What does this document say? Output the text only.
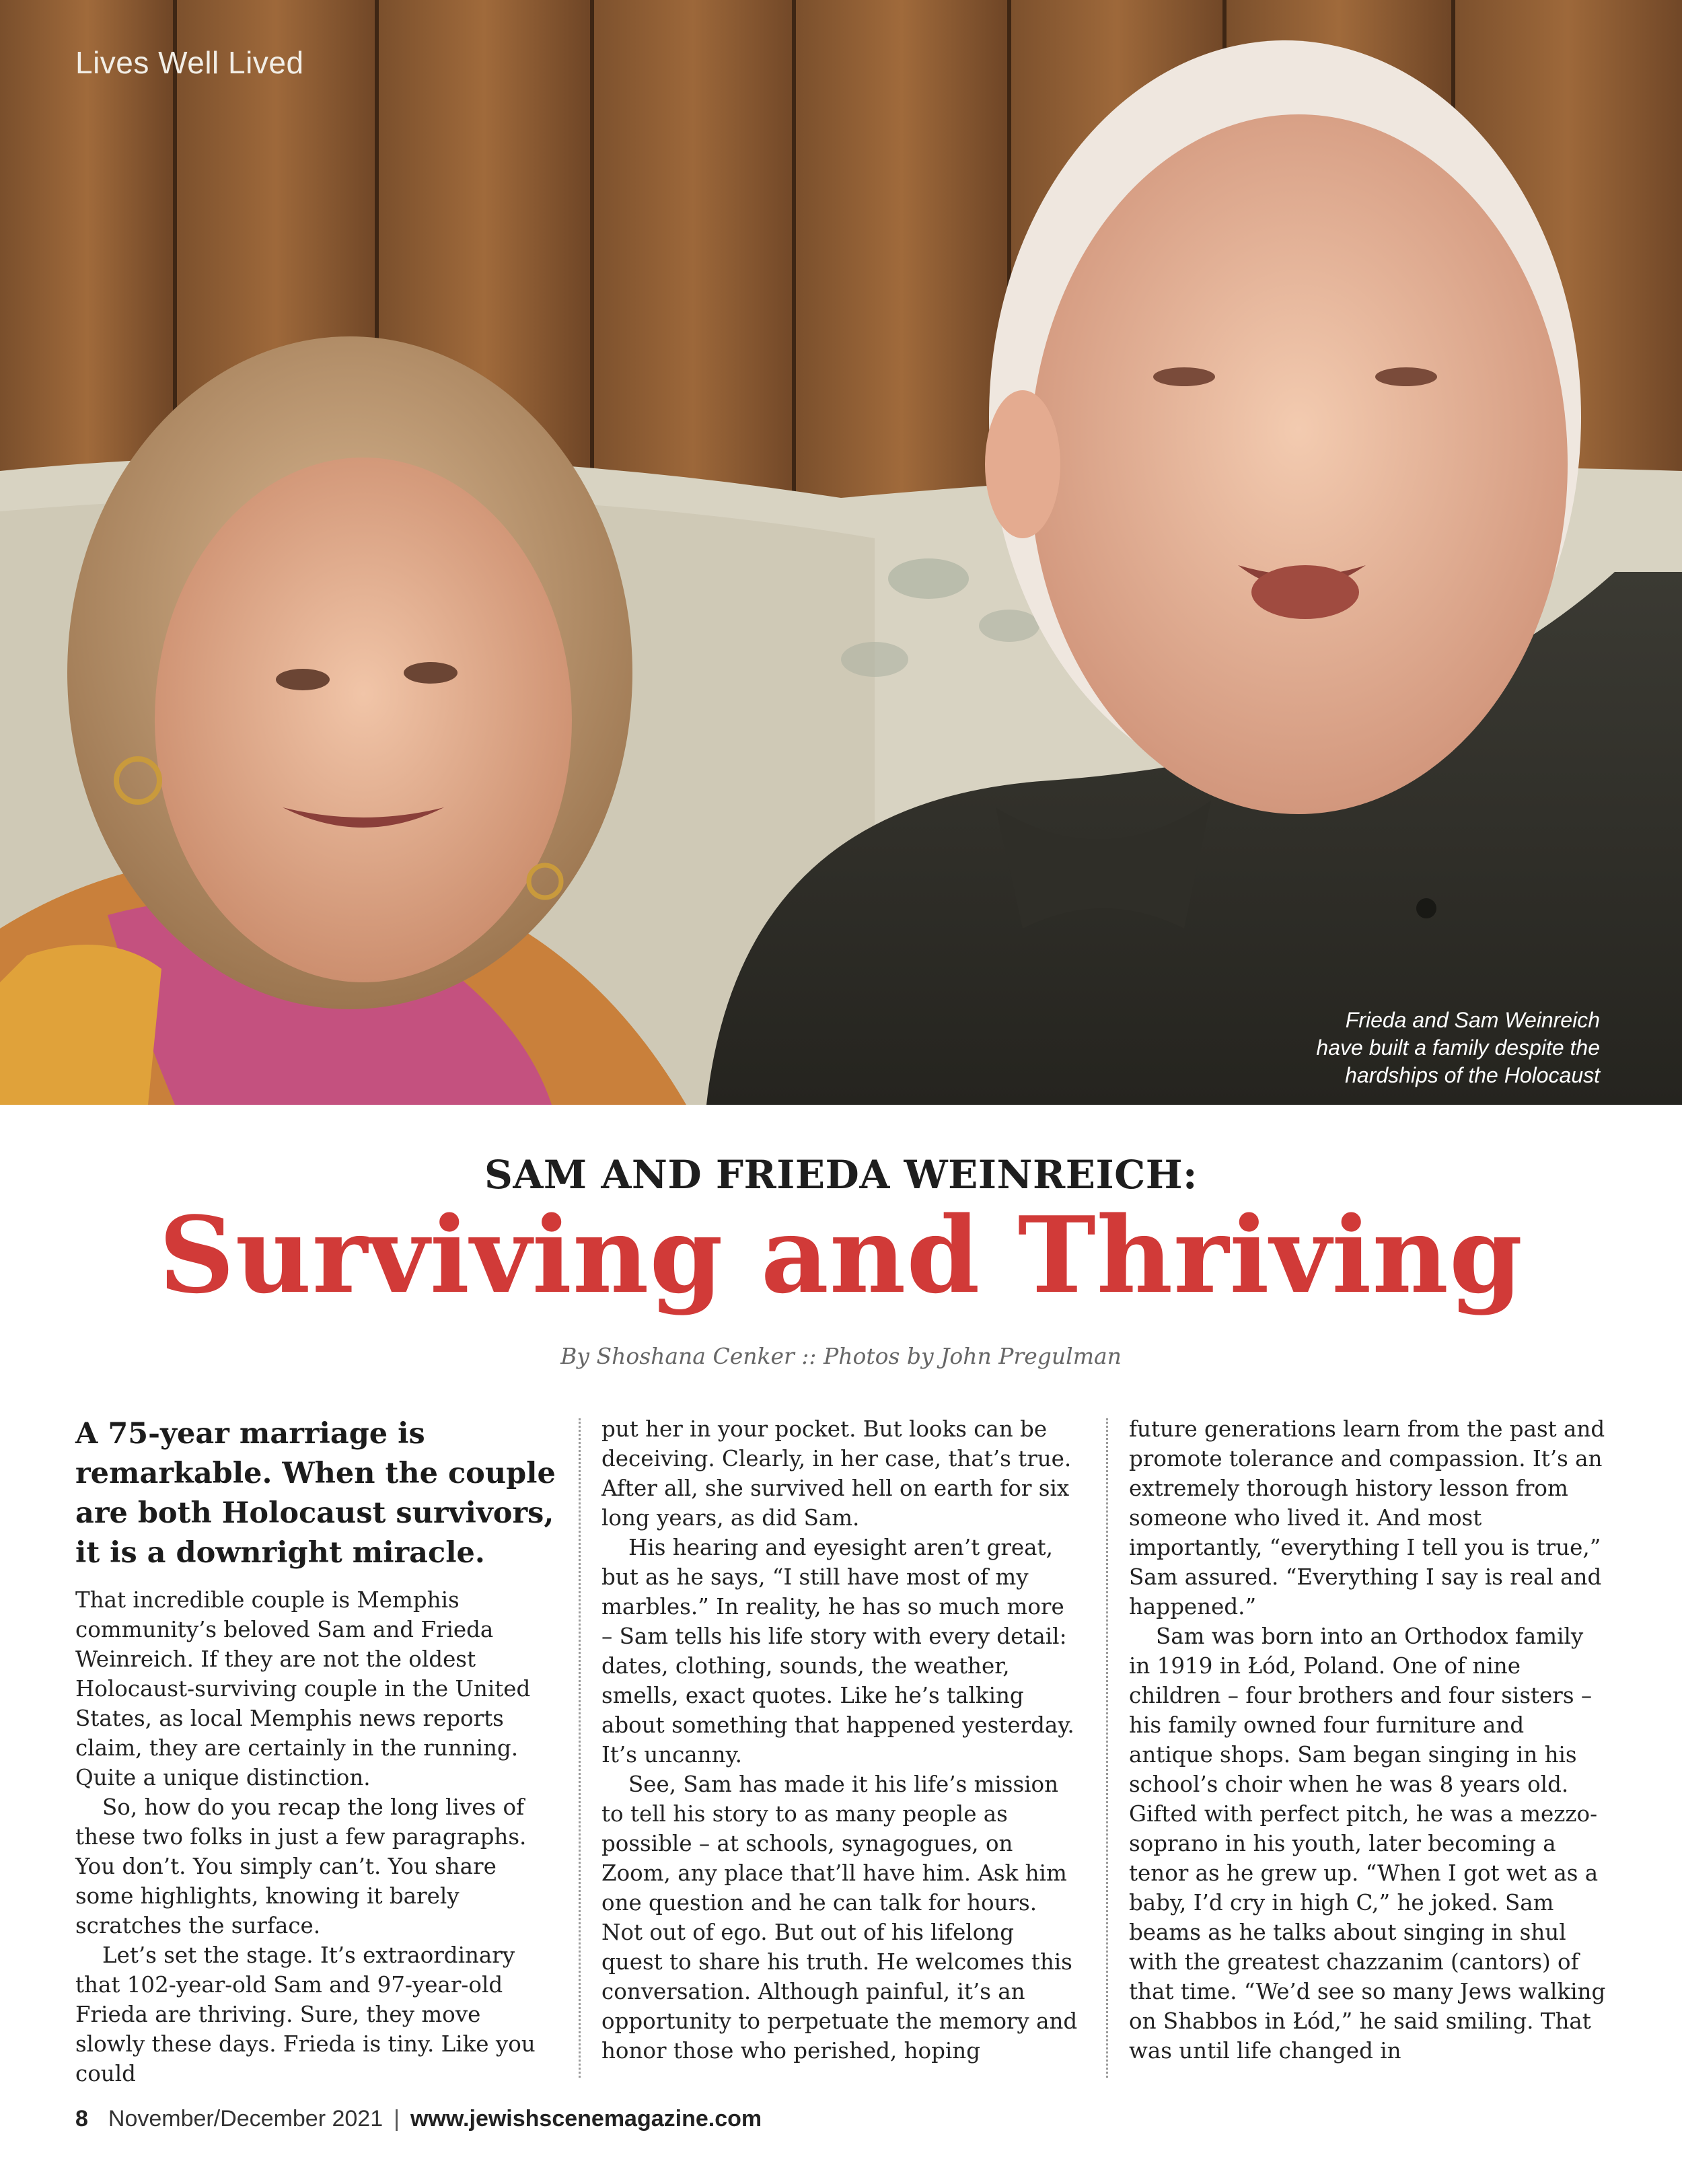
Lives Well Lived
Frieda and Sam Weinreich
have built a family despite the
hardships of the Holocaust
SAM AND FRIEDA WEINREICH:
Surviving and Thriving
By Shoshana Cenker :: Photos by John Pregulman
A 75-year marriage is remarkable. When the couple are both Holocaust survivors, it is a downright miracle.

That incredible couple is Memphis community’s beloved Sam and Frieda Weinreich. If they are not the oldest Holocaust-surviving couple in the United States, as local Memphis news reports claim, they are certainly in the running. Quite a unique distinction.

So, how do you recap the long lives of these two folks in just a few paragraphs. You don’t. You simply can’t. You share some highlights, knowing it barely scratches the surface.

Let’s set the stage. It’s extraordinary that 102-year-old Sam and 97-year-old Frieda are thriving. Sure, they move slowly these days. Frieda is tiny. Like you could

put her in your pocket. But looks can be deceiving. Clearly, in her case, that’s true. After all, she survived hell on earth for six long years, as did Sam.

His hearing and eyesight aren’t great, but as he says, “I still have most of my marbles.” In reality, he has so much more – Sam tells his life story with every detail: dates, clothing, sounds, the weather, smells, exact quotes. Like he’s talking about something that happened yesterday. It’s uncanny.

See, Sam has made it his life’s mission to tell his story to as many people as possible – at schools, synagogues, on Zoom, any place that’ll have him. Ask him one question and he can talk for hours. Not out of ego. But out of his lifelong quest to share his truth. He welcomes this conversation. Although painful, it’s an opportunity to perpetuate the memory and honor those who perished, hoping

future generations learn from the past and promote tolerance and compassion. It’s an extremely thorough history lesson from someone who lived it. And most importantly, “everything I tell you is true,” Sam assured. “Everything I say is real and happened.”

Sam was born into an Orthodox family in 1919 in Łód, Poland. One of nine children – four brothers and four sisters – his family owned four furniture and antique shops. Sam began singing in his school’s choir when he was 8 years old. Gifted with perfect pitch, he was a mezzo-soprano in his youth, later becoming a tenor as he grew up. “When I got wet as a baby, I’d cry in high C,” he joked. Sam beams as he talks about singing in shul with the greatest chazzanim (cantors) of that time. “We’d see so many Jews walking on Shabbos in Łód,” he said smiling. That was until life changed in

8 November/December 2021 | www.jewishscenemagazine.com
